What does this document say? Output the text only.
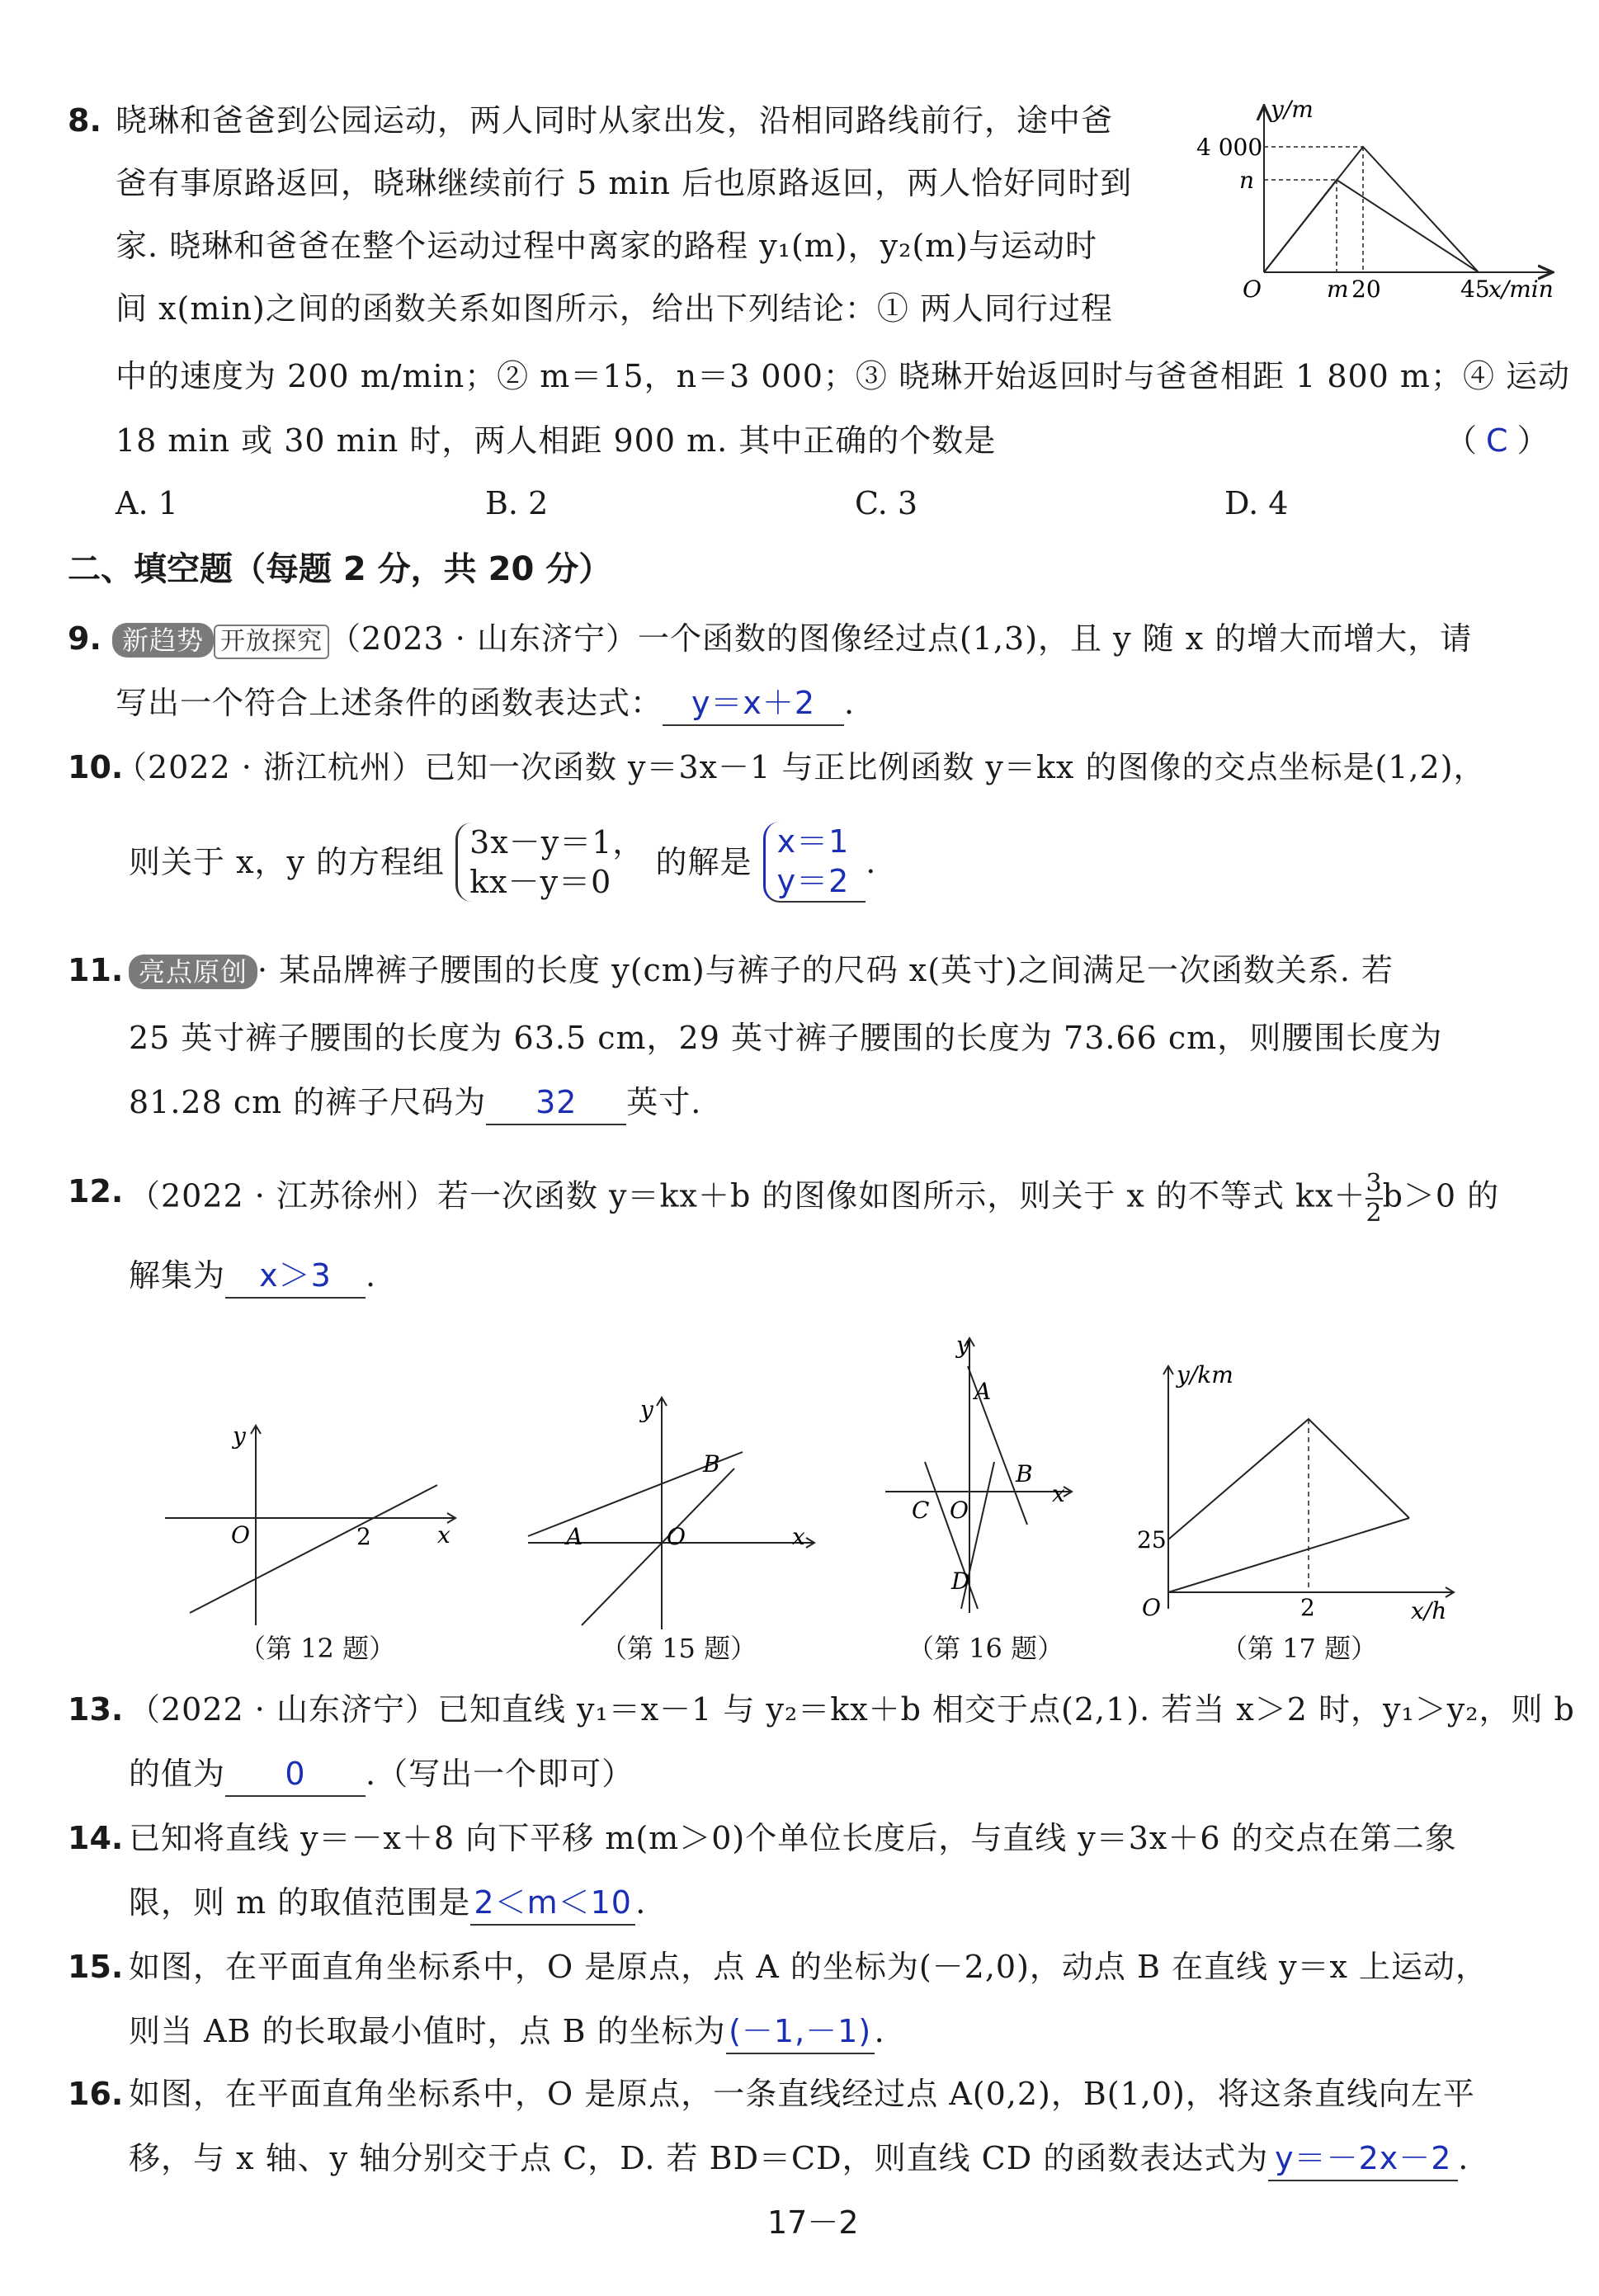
8. 晓琳和爸爸到公园运动，两人同时从家出发，沿相同路线前行，途中爸
爸有事原路返回，晓琳继续前行 5 min 后也原路返回，两人恰好同时到
家. 晓琳和爸爸在整个运动过程中离家的路程 y₁(m)，y₂(m)与运动时
间 x(min)之间的函数关系如图所示，给出下列结论：① 两人同行过程
中的速度为 200 m/min；② m＝15，n＝3 000；③ 晓琳开始返回时与爸爸相距 1 800 m；④ 运动
18 min 或 30 min 时，两人相距 900 m. 其中正确的个数是	（ C ）
A. 1	B. 2	C. 3	D. 4
y/m
4 000
n
O	m 20	45
x/min
二、填空题（每题 2 分，共 20 分）
9. 新趋势 开放探究 （2023 · 山东济宁）一个函数的图像经过点(1,3)，且 y 随 x 的增大而增大，请
写出一个符合上述条件的函数表达式： y＝x＋2 .
10.
（2022 · 浙江杭州）已知一次函数 y＝3x－1 与正比例函数 y＝kx 的图像的交点坐标是(1,2)，
则关于 x，y 的方程组
3x－y＝1，
kx－y＝0
的解是
x＝1
y＝2
.
11. 亮点原创 · 某品牌裤子腰围的长度 y(cm)与裤子的尺码 x(英寸)之间满足一次函数关系. 若
25 英寸裤子腰围的长度为 63.5 cm，29 英寸裤子腰围的长度为 73.66 cm，则腰围长度为
81.28 cm 的裤子尺码为 32 英寸.
12. （2022 · 江苏徐州）若一次函数 y＝kx＋b 的图像如图所示，则关于 x 的不等式 $kx+ \frac{3}{2} b>0$ 的
解集为 x＞3 .
y
x
O	2
（第 12 题）
y
x
O
A
B
（第 15 题）
y
x
O
A
B
C
D
（第 16 题）
y/km
x/h
O
25
2
（第 17 题）
13. （2022 · 山东济宁）已知直线 y₁＝x－1 与 y₂＝kx＋b 相交于点(2,1). 若当 x＞2 时，y₁＞y₂，则 b
的值为 0 .（写出一个即可）
14. 已知将直线 y＝－x＋8 向下平移 m(m＞0)个单位长度后，与直线 y＝3x＋6 的交点在第二象
限，则 m 的取值范围是 2＜m＜10 .
15. 如图，在平面直角坐标系中，O 是原点，点 A 的坐标为(－2,0)，动点 B 在直线 y＝x 上运动，
则当 AB 的长取最小值时，点 B 的坐标为(－1,－1).
16. 如图，在平面直角坐标系中，O 是原点，一条直线经过点 A(0,2)，B(1,0)，将这条直线向左平
移，与 x 轴、y 轴分别交于点 C，D. 若 BD＝CD，则直线 CD 的函数表达式为 y＝－2x－2 .
17－2
